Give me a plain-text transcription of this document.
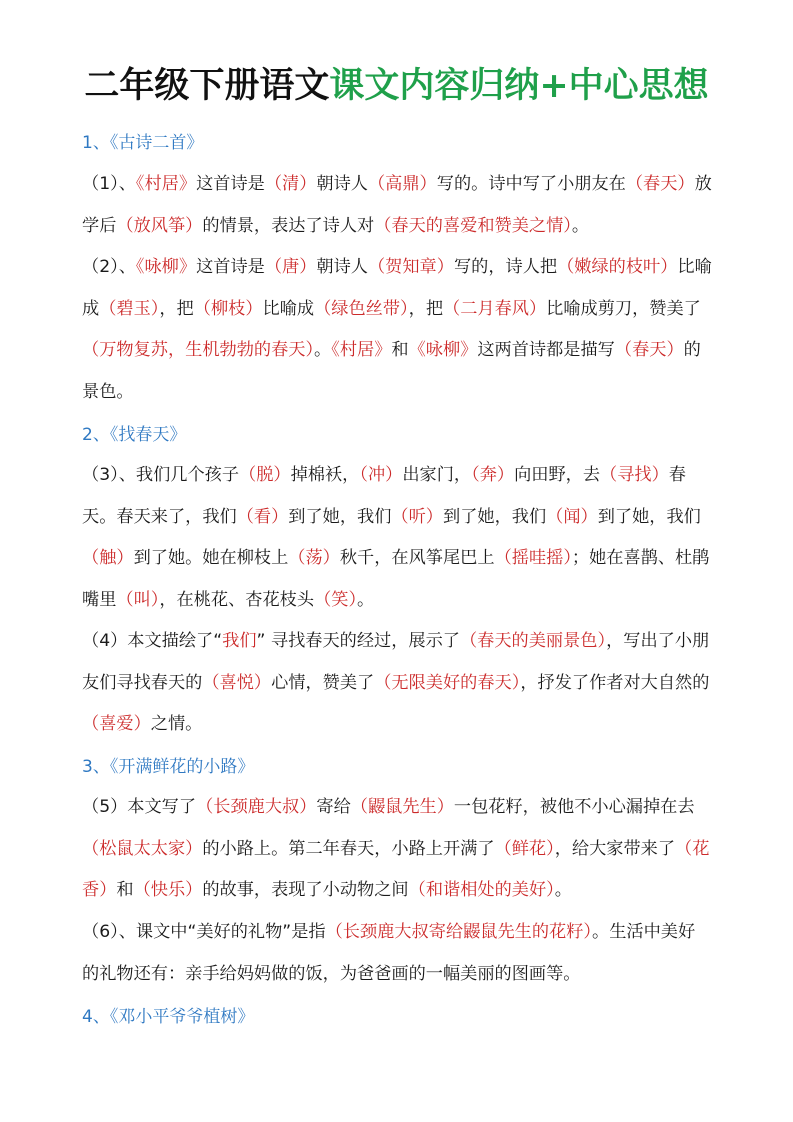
二年级下册语文课文内容归纳+中心思想
1、《古诗二首》
（1）、《村居》这首诗是（清）朝诗人（高鼎）写的。诗中写了小朋友在（春天）放学后（放风筝）的情景，表达了诗人对（春天的喜爱和赞美之情）。
（2）、《咏柳》这首诗是（唐）朝诗人（贺知章）写的，诗人把（嫩绿的枝叶）比喻成（碧玉），把（柳枝）比喻成（绿色丝带），把（二月春风）比喻成剪刀，赞美了（万物复苏，生机勃勃的春天）。《村居》和《咏柳》这两首诗都是描写（春天）的景色。
2、《找春天》
（3）、我们几个孩子（脱）掉棉袄，（冲）出家门，（奔）向田野，去（寻找）春天。春天来了，我们（看）到了她，我们（听）到了她，我们（闻）到了她，我们（触）到了她。她在柳枝上（荡）秋千，在风筝尾巴上（摇哇摇）；她在喜鹊、杜鹃嘴里（叫），在桃花、杏花枝头（笑）。
（4）本文描绘了“我们” 寻找春天的经过，展示了（春天的美丽景色），写出了小朋友们寻找春天的（喜悦）心情，赞美了（无限美好的春天），抒发了作者对大自然的（喜爱）之情。
3、《开满鲜花的小路》
（5）本文写了（长颈鹿大叔）寄给（鼹鼠先生）一包花籽，被他不小心漏掉在去（松鼠太太家）的小路上。第二年春天，小路上开满了（鲜花），给大家带来了（花香）和（快乐）的故事，表现了小动物之间（和谐相处的美好）。
（6）、课文中“美好的礼物”是指（长颈鹿大叔寄给鼹鼠先生的花籽）。生活中美好的礼物还有：亲手给妈妈做的饭，为爸爸画的一幅美丽的图画等。
4、《邓小平爷爷植树》
